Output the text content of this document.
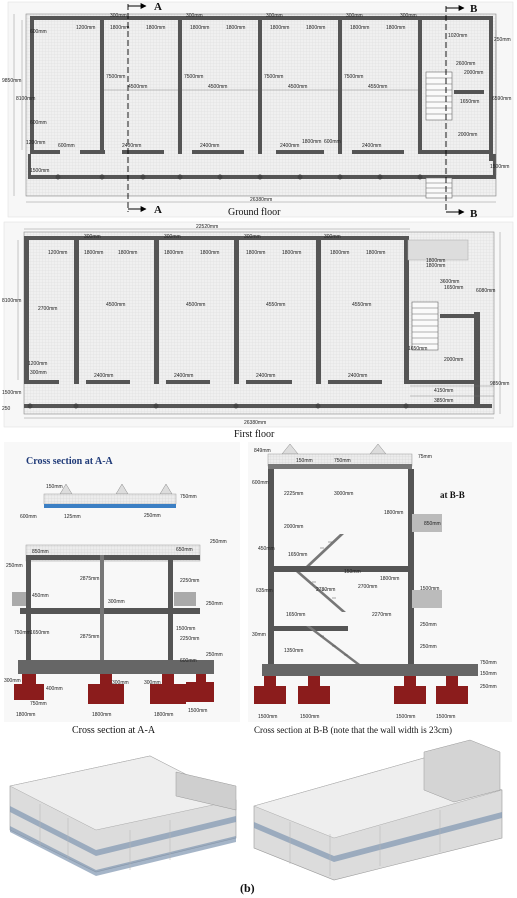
A
A
B
B
300mm	300mm	300mm	300mm	300mm
1200mm	1800mm	1800mm	1800mm	1800mm	1800mm	1800mm	1800mm	1800mm
1800mm
1020mm
4500mm	4500mm	4500mm	4550mm
7500mm	7500mm	7500mm	7500mm
600mm	2400mm	2400mm	2400mm
600mm
2400mm
600mm
9850mm
8100mm
600mm
1200mm
1500mm
250mm
2600mm
2000mm
6590mm
1650mm
2000mm
1500mm
26380mm
Ground floor
22520mm
300mm	300mm	300mm	300mm
1200mm	1800mm	1800mm	1800mm	1800mm	1800mm	1800mm	1800mm	1800mm
1800mm
2700mm
4500mm	4500mm	4550mm	4550mm
2400mm	2400mm	2400mm	2400mm
8100mm
1200mm
300mm
1500mm
250
1800mm
3600mm
1650mm	6080mm
1650mm
2000mm
9850mm
4150mm
3850mm
26380mm
First floor
Cross section at A-A
150mm
750mm
125mm
600mm	250mm
850mm	650mm
250mm
250mm
450mm
2875mm	2250mm
300mm	250mm
750mm 1650mm
2875mm	2250mm
1500mm
250mm
600mm
300mm
750mm
400mm
300mm	300mm
1800mm	1800mm	1800mm
1500mm
Cross section at A-A
849mm
150mm	750mm
75mm
600mm
2225mm	3000mm
1800mm
850mm
2000mm
450mm
1650mm
150mm
2780mm	2700mm
1800mm
1500mm
635mm
2270mm
1650mm
250mm
30mm
1350mm
250mm
750mm
150mm
250mm
1500mm	1500mm	1500mm	1500mm
at B-B
Cross section at B-B (note that the wall width is 23cm)
(b)
